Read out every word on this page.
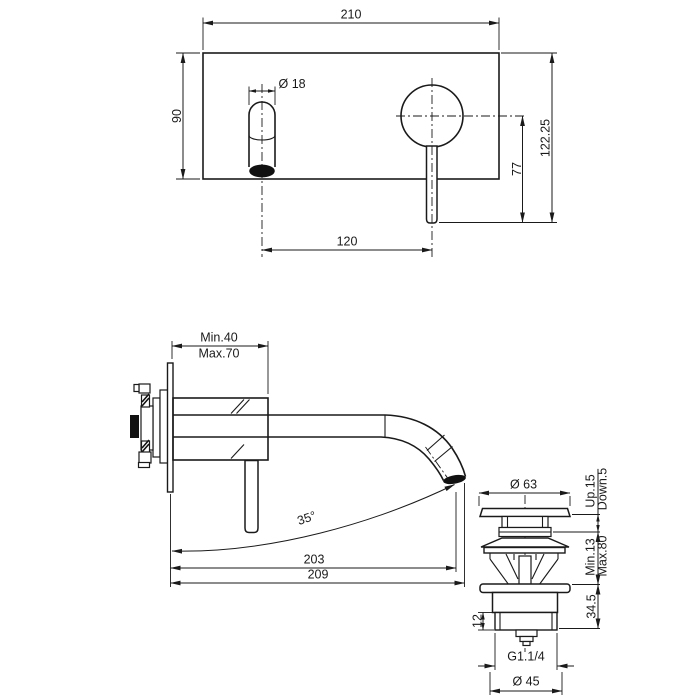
210
90
Ø 18
122.25
77
120
Min.40
Max.70
35°
203
209
Ø 63
12
G1.1/4
Ø 45
Up.15
Down.5
Min.13
Max.80
34.5
